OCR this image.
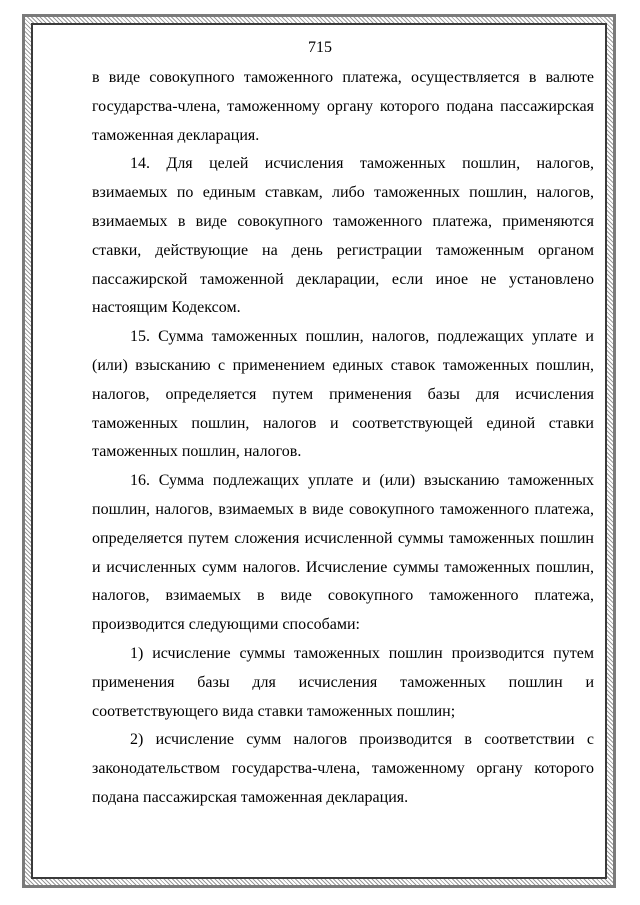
715

в виде совокупного таможенного платежа, осуществляется в валюте государства-члена, таможенному органу которого подана пассажирская таможенная декларация.

14. Для целей исчисления таможенных пошлин, налогов, взимаемых по единым ставкам, либо таможенных пошлин, налогов, взимаемых в виде совокупного таможенного платежа, применяются ставки, действующие на день регистрации таможенным органом пассажирской таможенной декларации, если иное не установлено настоящим Кодексом.

15. Сумма таможенных пошлин, налогов, подлежащих уплате и (или) взысканию с применением единых ставок таможенных пошлин, налогов, определяется путем применения базы для исчисления таможенных пошлин, налогов и соответствующей единой ставки таможенных пошлин, налогов.

16. Сумма подлежащих уплате и (или) взысканию таможенных пошлин, налогов, взимаемых в виде совокупного таможенного платежа, определяется путем сложения исчисленной суммы таможенных пошлин и исчисленных сумм налогов. Исчисление суммы таможенных пошлин, налогов, взимаемых в виде совокупного таможенного платежа, производится следующими способами:

1) исчисление суммы таможенных пошлин производится путем применения базы для исчисления таможенных пошлин и соответствующего вида ставки таможенных пошлин;

2) исчисление сумм налогов производится в соответствии с законодательством государства-члена, таможенному органу которого подана пассажирская таможенная декларация.
